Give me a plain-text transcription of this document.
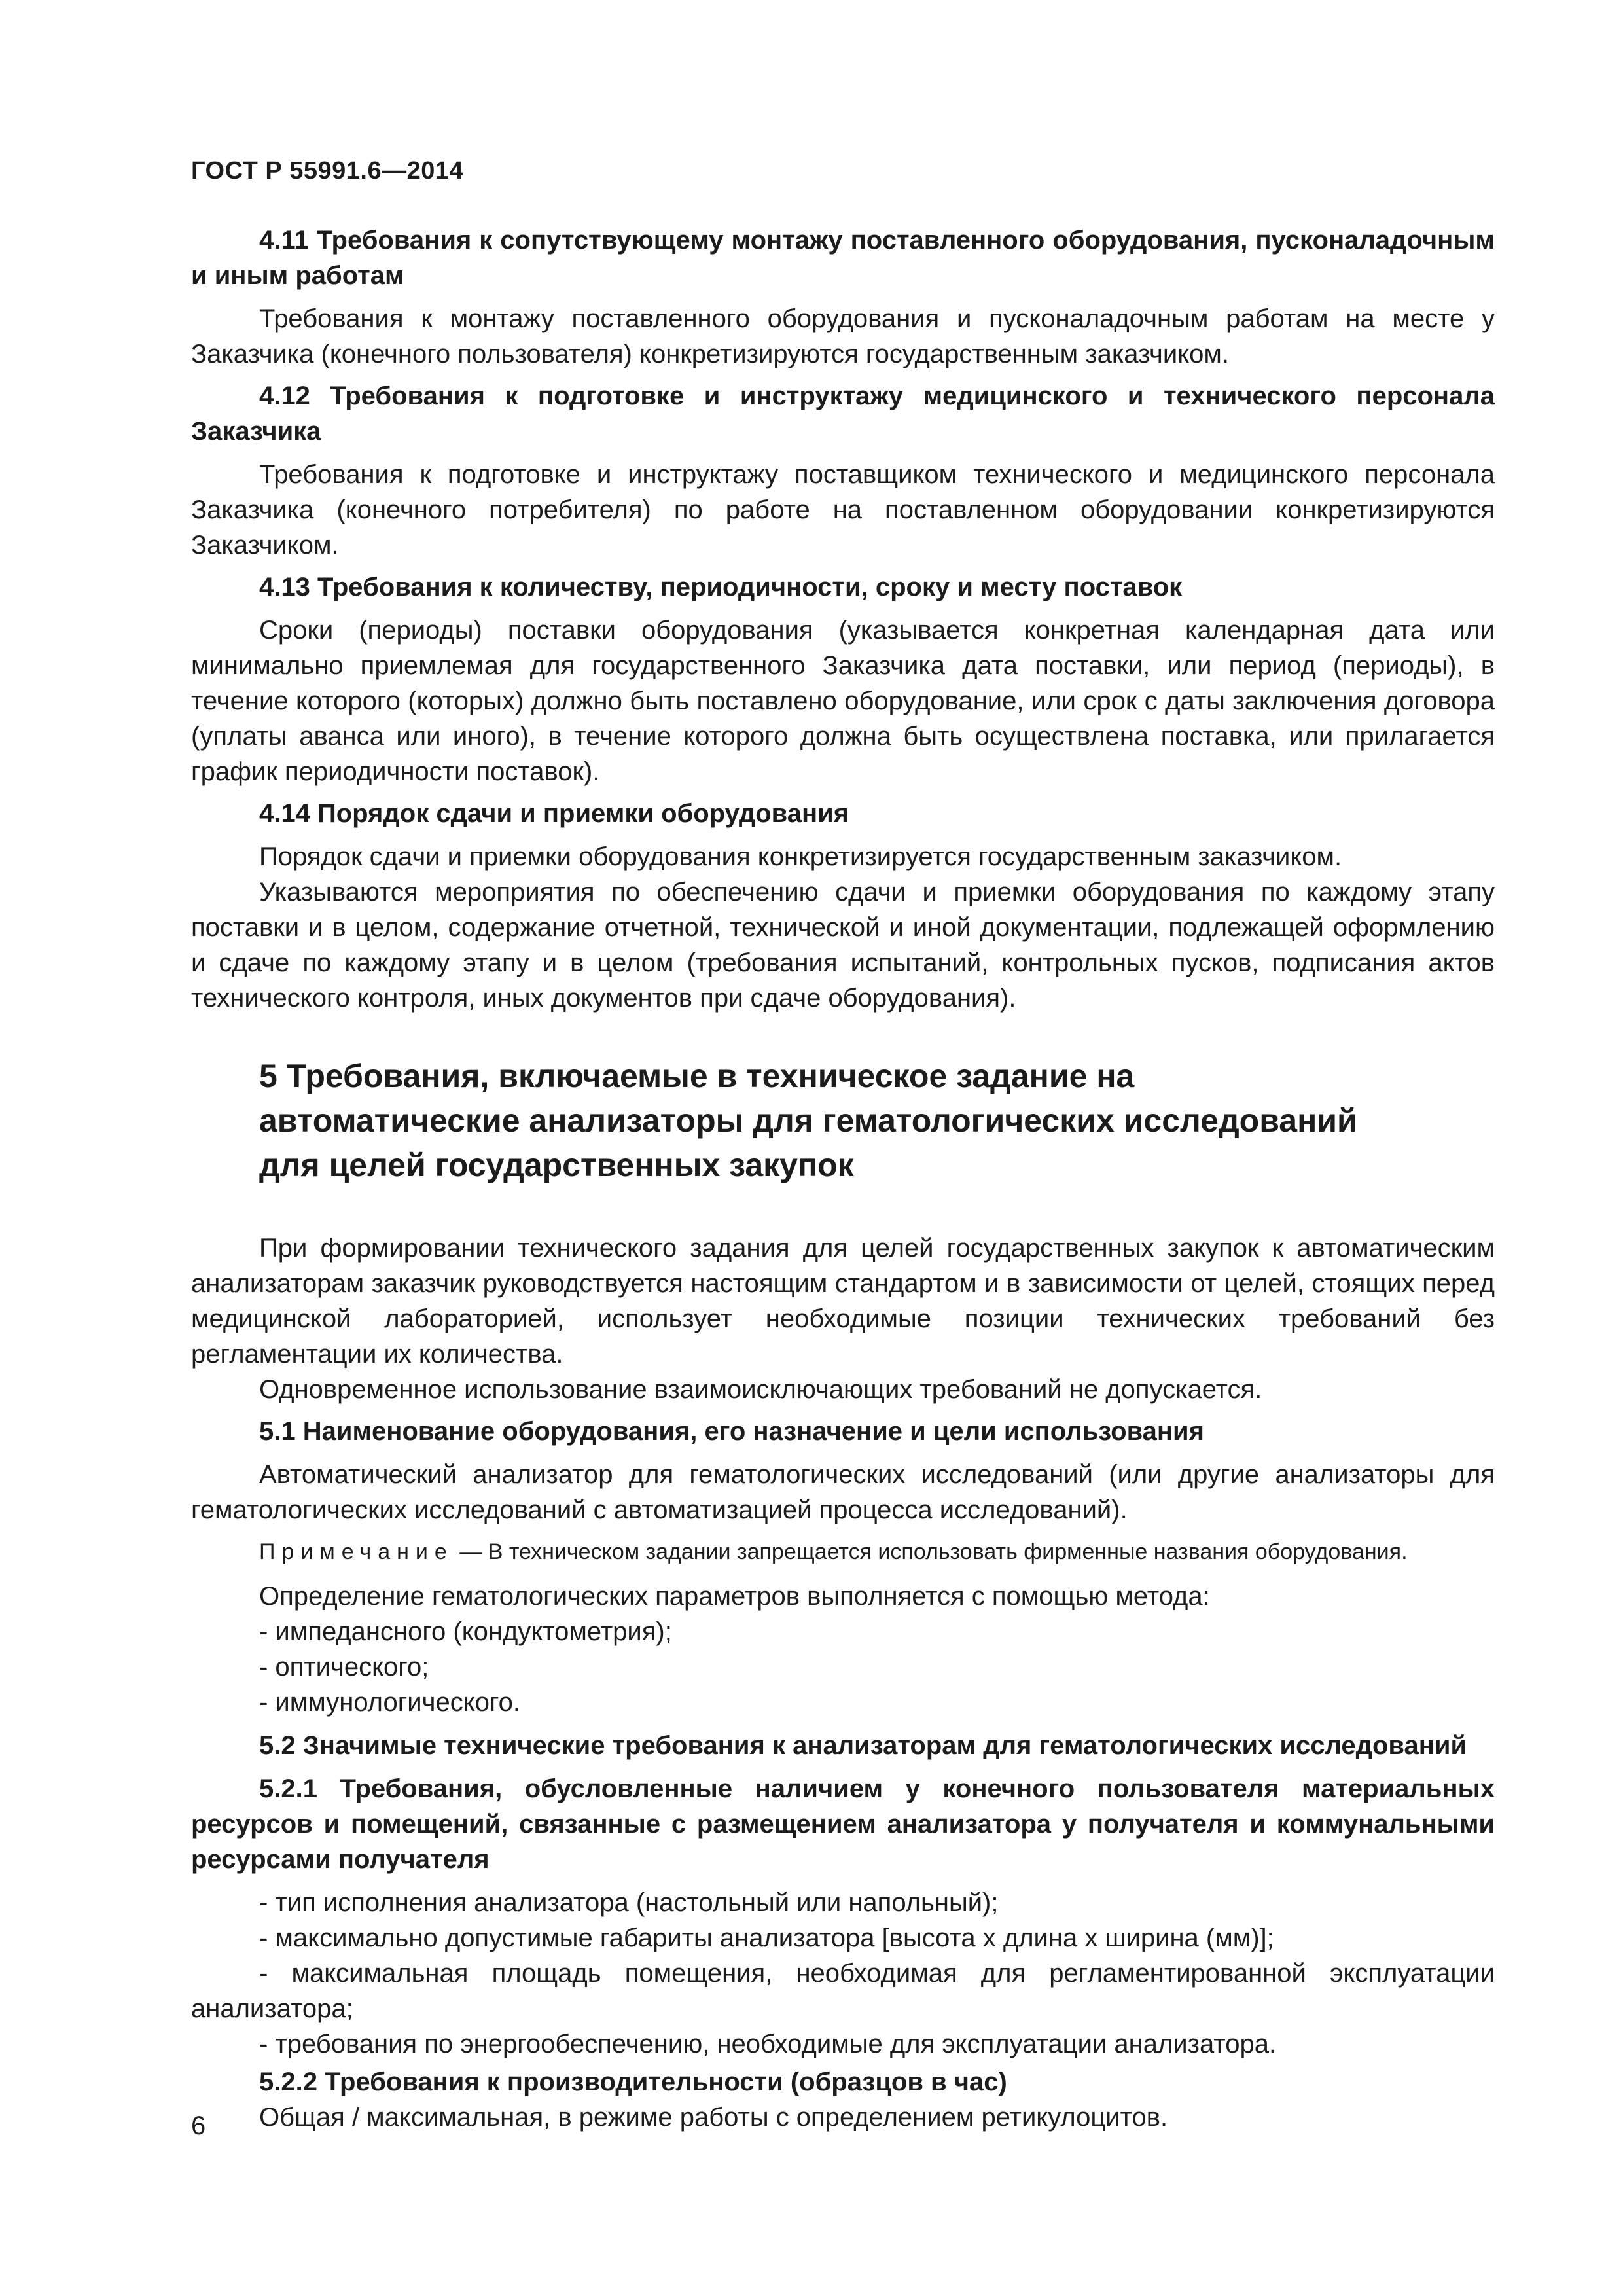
ГОСТ Р 55991.6—2014
4.11 Требования к сопутствующему монтажу поставленного оборудования, пусконаладочным и иным работам
Требования к монтажу поставленного оборудования и пусконаладочным работам на месте у Заказчика (конечного пользователя) конкретизируются государственным заказчиком.
4.12 Требования к подготовке и инструктажу медицинского и технического персонала Заказчика
Требования к подготовке и инструктажу поставщиком технического и медицинского персонала Заказчика (конечного потребителя) по работе на поставленном оборудовании конкретизируются Заказчиком.
4.13 Требования к количеству, периодичности, сроку и месту поставок
Сроки (периоды) поставки оборудования (указывается конкретная календарная дата или минимально приемлемая для государственного Заказчика дата поставки, или период (периоды), в течение которого (которых) должно быть поставлено оборудование, или срок с даты заключения договора (уплаты аванса или иного), в течение которого должна быть осуществлена поставка, или прилагается график периодичности поставок).
4.14 Порядок сдачи и приемки оборудования
Порядок сдачи и приемки оборудования конкретизируется государственным заказчиком.
Указываются мероприятия по обеспечению сдачи и приемки оборудования по каждому этапу поставки и в целом, содержание отчетной, технической и иной документации, подлежащей оформлению и сдаче по каждому этапу и в целом (требования испытаний, контрольных пусков, подписания актов технического контроля, иных документов при сдаче оборудования).
5 Требования, включаемые в техническое задание на автоматические анализаторы для гематологических исследований для целей государственных закупок
При формировании технического задания для целей государственных закупок к автоматическим анализаторам заказчик руководствуется настоящим стандартом и в зависимости от целей, стоящих перед медицинской лабораторией, использует необходимые позиции технических требований без регламентации их количества.
Одновременное использование взаимоисключающих требований не допускается.
5.1 Наименование оборудования, его назначение и цели использования
Автоматический анализатор для гематологических исследований (или другие анализаторы для гематологических исследований с автоматизацией процесса исследований).
Примечание — В техническом задании запрещается использовать фирменные названия оборудования.
Определение гематологических параметров выполняется с помощью метода:
- импедансного (кондуктометрия);
- оптического;
- иммунологического.
5.2 Значимые технические требования к анализаторам для гематологических исследований
5.2.1 Требования, обусловленные наличием у конечного пользователя материальных ресурсов и помещений, связанные с размещением анализатора у получателя и коммунальными ресурсами получателя
- тип исполнения анализатора (настольный или напольный);
- максимально допустимые габариты анализатора [высота х длина х ширина (мм)];
- максимальная площадь помещения, необходимая для регламентированной эксплуатации анализатора;
- требования по энергообеспечению, необходимые для эксплуатации анализатора.
5.2.2 Требования к производительности (образцов в час)
Общая / максимальная, в режиме работы с определением ретикулоцитов.
6
